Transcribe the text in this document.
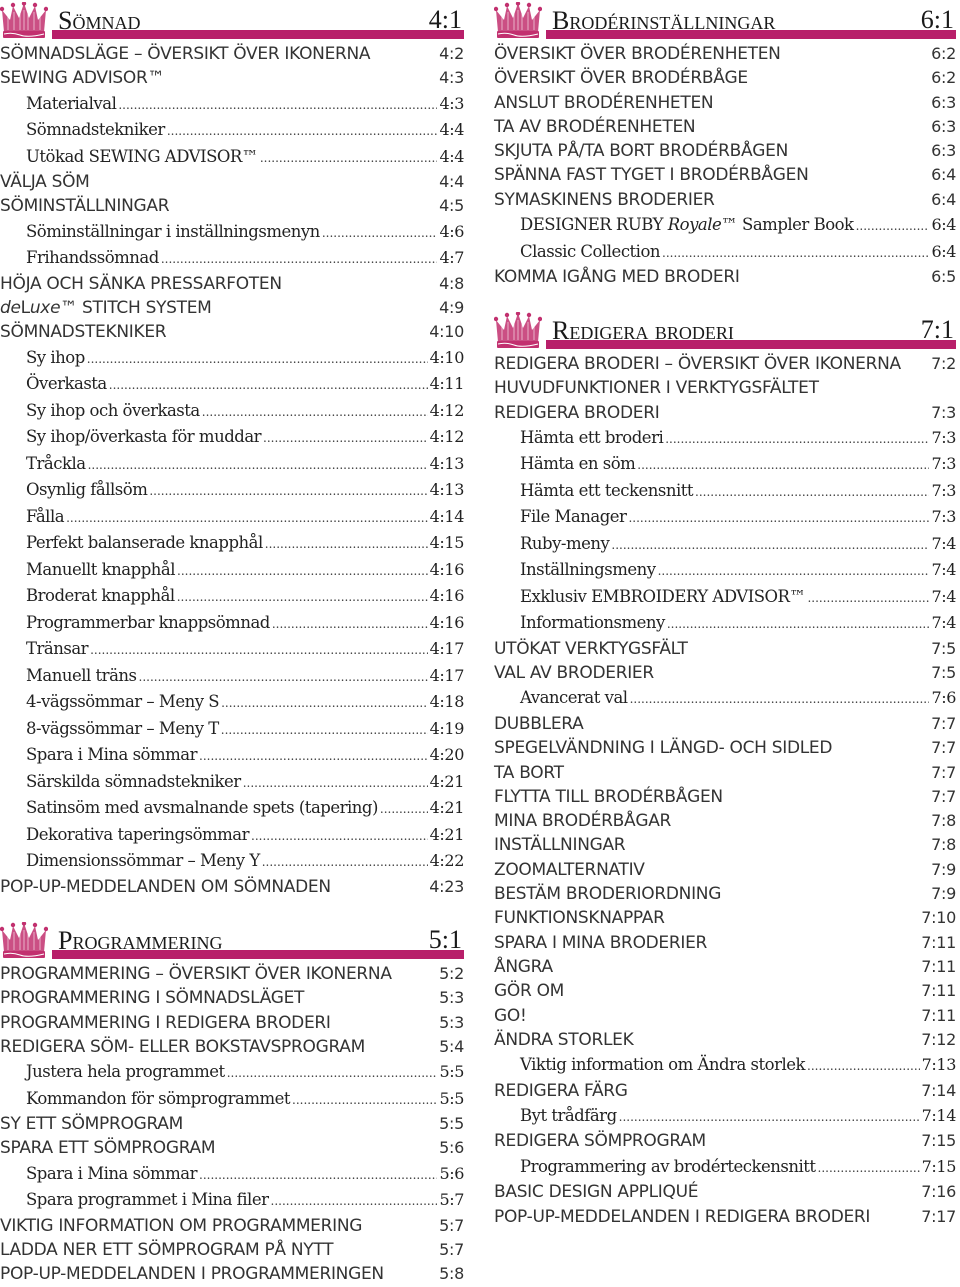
Sömnad	4:1
SÖMNADSLÄGE – ÖVERSIKT ÖVER IKONERNA	4:2
SEWING ADVISOR™	4:3
Materialval .....	4:3
Sömnadstekniker .....	4:4
Utökad SEWING ADVISOR™ .....	4:4
VÄLJA SÖM	4:4
SÖMINSTÄLLNINGAR	4:5
Söminställningar i inställningsmenyn .....	4:6
Frihandssömnad .....	4:7
HÖJA OCH SÄNKA PRESSARFOTEN	4:8
deLuxe™ STITCH SYSTEM	4:9
SÖMNADSTEKNIKER	4:10
Sy ihop .....	4:10
Överkasta .....	4:11
Sy ihop och överkasta .....	4:12
Sy ihop/överkasta för muddar .....	4:12
Tråckla .....	4:13
Osynlig fållsöm .....	4:13
Fålla .....	4:14
Perfekt balanserade knapphål .....	4:15
Manuellt knapphål .....	4:16
Broderat knapphål .....	4:16
Programmerbar knappsömnad .....	4:16
Tränsar .....	4:17
Manuell träns .....	4:17
4-vägssömmar – Meny S .....	4:18
8-vägssömmar – Meny T .....	4:19
Spara i Mina sömmar .....	4:20
Särskilda sömnadstekniker .....	4:21
Satinsöm med avsmalnande spets (tapering) .....	4:21
Dekorativa taperingsömmar .....	4:21
Dimensionssömmar – Meny Y .....	4:22
POP-UP-MEDDELANDEN OM SÖMNADEN	4:23
Programmering	5:1
PROGRAMMERING – ÖVERSIKT ÖVER IKONERNA	5:2
PROGRAMMERING I SÖMNADSLÄGET	5:3
PROGRAMMERING I REDIGERA BRODERI	5:3
REDIGERA SÖM- ELLER BOKSTAVSPROGRAM	5:4
Justera hela programmet .....	5:5
Kommandon för sömprogrammet .....	5:5
SY ETT SÖMPROGRAM	5:5
SPARA ETT SÖMPROGRAM	5:6
Spara i Mina sömmar .....	5:6
Spara programmet i Mina filer .....	5:7
VIKTIG INFORMATION OM PROGRAMMERING	5:7
LADDA NER ETT SÖMPROGRAM PÅ NYTT	5:7
POP-UP-MEDDELANDEN I PROGRAMMERINGEN	5:8
Brodérinställningar	6:1
ÖVERSIKT ÖVER BRODÉRENHETEN	6:2
ÖVERSIKT ÖVER BRODÉRBÅGE	6:2
ANSLUT BRODÉRENHETEN	6:3
TA AV BRODÉRENHETEN	6:3
SKJUTA PÅ/TA BORT BRODÉRBÅGEN	6:3
SPÄNNA FAST TYGET I BRODÉRBÅGEN	6:4
SYMASKINENS BRODERIER	6:4
DESIGNER RUBY Royale™ Sampler Book .....	6:4
Classic Collection .....	6:4
KOMMA IGÅNG MED BRODERI	6:5
Redigera broderi	7:1
REDIGERA BRODERI – ÖVERSIKT ÖVER IKONERNA 7:2
HUVUDFUNKTIONER I VERKTYGSFÄLTET
REDIGERA BRODERI	7:3
Hämta ett broderi .....	7:3
Hämta en söm .....	7:3
Hämta ett teckensnitt .....	7:3
File Manager .....	7:3
Ruby-meny .....	7:4
Inställningsmeny .....	7:4
Exklusiv EMBROIDERY ADVISOR™ .....	7:4
Informationsmeny .....	7:4
UTÖKAT VERKTYGSFÄLT	7:5
VAL AV BRODERIER	7:5
Avancerat val .....	7:6
DUBBLERA	7:7
SPEGELVÄNDNING I LÄNGD- OCH SIDLED	7:7
TA BORT	7:7
FLYTTA TILL BRODÉRBÅGEN	7:7
MINA BRODÉRBÅGAR	7:8
INSTÄLLNINGAR	7:8
ZOOMALTERNATIV	7:9
BESTÄM BRODERIORDNING	7:9
FUNKTIONSKNAPPAR	7:10
SPARA I MINA BRODERIER	7:11
ÅNGRA	7:11
GÖR OM	7:11
GO!	7:11
ÄNDRA STORLEK	7:12
Viktig information om Ändra storlek .....	7:13
REDIGERA FÄRG	7:14
Byt trådfärg .....	7:14
REDIGERA SÖMPROGRAM	7:15
Programmering av brodérteckensnitt .....	7:15
BASIC DESIGN APPLIQUÉ	7:16
POP-UP-MEDDELANDEN I REDIGERA BRODERI	7:17
